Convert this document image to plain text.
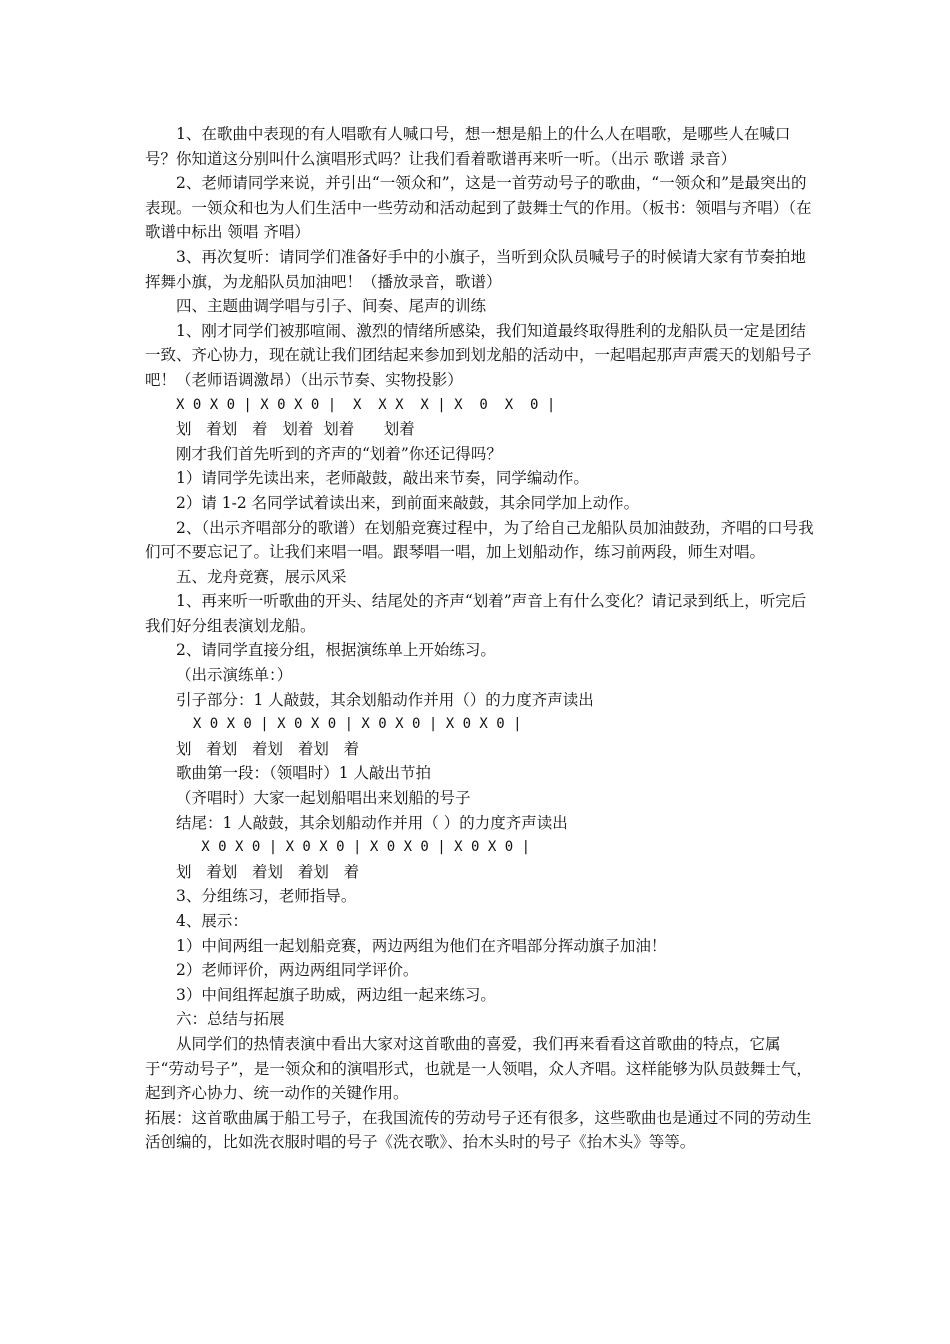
1、在歌曲中表现的有人唱歌有人喊口号，想一想是船上的什么人在唱歌，是哪些人在喊口号？你知道这分别叫什么演唱形式吗？让我们看着歌谱再来听一听。（出示 歌谱 录音）

2、老师请同学来说，并引出“一领众和”，这是一首劳动号子的歌曲，“一领众和”是最突出的表现。一领众和也为人们生活中一些劳动和活动起到了鼓舞士气的作用。（板书：领唱与齐唱）（在歌谱中标出 领唱 齐唱）

3、再次复听：请同学们准备好手中的小旗子，当听到众队员喊号子的时候请大家有节奏拍地挥舞小旗，为龙船队员加油吧！（播放录音，歌谱）

四、主题曲调学唱与引子、间奏、尾声的训练

1、刚才同学们被那喧闹、激烈的情绪所感染，我们知道最终取得胜利的龙船队员一定是团结一致、齐心协力，现在就让我们团结起来参加到划龙船的活动中，一起唱起那声声震天的划船号子吧！（老师语调激昂）（出示节奏、实物投影）

X 0 X 0 | X 0 X 0 |  X  X X  X | X  0  X  0 |

划   着划   着   划着  划着      划着

刚才我们首先听到的齐声的“划着”你还记得吗？

1）请同学先读出来，老师敲鼓，敲出来节奏，同学编动作。

2）请 1-2 名同学试着读出来，到前面来敲鼓，其余同学加上动作。

2、（出示齐唱部分的歌谱）在划船竞赛过程中，为了给自己龙船队员加油鼓劲，齐唱的口号我们可不要忘记了。让我们来唱一唱。跟琴唱一唱，加上划船动作，练习前两段，师生对唱。

五、龙舟竞赛，展示风采

1、再来听一听歌曲的开头、结尾处的齐声“划着”声音上有什么变化？请记录到纸上，听完后我们好分组表演划龙船。

2、请同学直接分组，根据演练单上开始练习。

（出示演练单：）

引子部分：1 人敲鼓，其余划船动作并用（）的力度齐声读出

X 0 X 0 | X 0 X 0 | X 0 X 0 | X 0 X 0 |

划   着划   着划   着划   着

歌曲第一段：（领唱时）1 人敲出节拍

（齐唱时）大家一起划船唱出来划船的号子

结尾：1 人敲鼓，其余划船动作并用（ ）的力度齐声读出

X 0 X 0 | X 0 X 0 | X 0 X 0 | X 0 X 0 |

划   着划   着划   着划   着

3、分组练习，老师指导。

4、展示：

1）中间两组一起划船竞赛，两边两组为他们在齐唱部分挥动旗子加油！

2）老师评价，两边两组同学评价。

3）中间组挥起旗子助威，两边组一起来练习。

六：总结与拓展

从同学们的热情表演中看出大家对这首歌曲的喜爱，我们再来看看这首歌曲的特点，它属于“劳动号子”，是一领众和的演唱形式，也就是一人领唱，众人齐唱。这样能够为队员鼓舞士气，起到齐心协力、统一动作的关键作用。

拓展：这首歌曲属于船工号子，在我国流传的劳动号子还有很多，这些歌曲也是通过不同的劳动生活创编的，比如洗衣服时唱的号子《洗衣歌》、抬木头时的号子《抬木头》等等。
